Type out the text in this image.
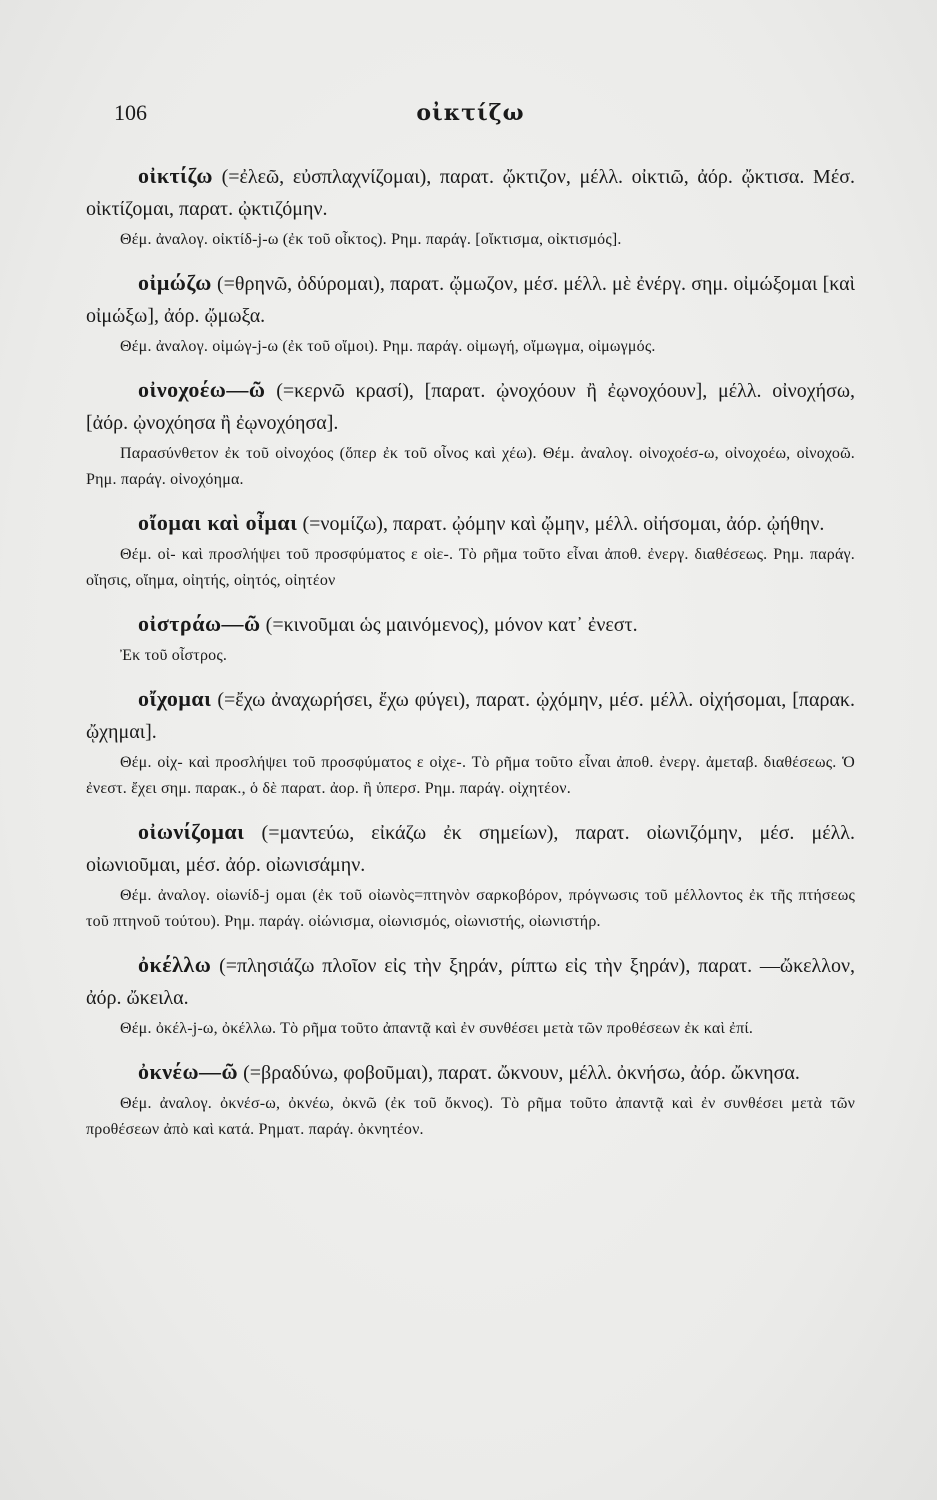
106	οἰκτίζω

οἰκτίζω (=ἐλεῶ, εὐσπλαχνίζομαι), παρατ. ᾤκτιζον, μέλλ. οἰκτιῶ, ἀόρ. ᾤκτισα. Μέσ. οἰκτίζομαι, παρατ. ᾠκτιζόμην.

Θέμ. ἀναλογ. οἰκτίδ-j-ω (ἐκ τοῦ οἶκτος). Ρημ. παράγ. [οἴκτισμα, οἰκτισμός].

οἰμώζω (=θρηνῶ, ὀδύρομαι), παρατ. ᾤμωζον, μέσ. μέλλ. μὲ ἐνέργ. σημ. οἰμώξομαι [καὶ οἰμώξω], ἀόρ. ᾤμωξα.

Θέμ. ἀναλογ. οἰμώγ-j-ω (ἐκ τοῦ οἴμοι). Ρημ. παράγ. οἰμωγή, οἴμωγμα, οἰμωγμός.

οἰνοχοέω—ῶ (=κερνῶ κρασί), [παρατ. ᾠνοχόουν ἢ ἐῳνοχόουν], μέλλ. οἰνοχήσω, [ἀόρ. ᾠνοχόησα ἢ ἐῳνοχόησα].

Παρασύνθετον ἐκ τοῦ οἰνοχόος (ὅπερ ἐκ τοῦ οἶνος καὶ χέω). Θέμ. ἀναλογ. οἰνοχοέσ-ω, οἰνοχοέω, οἰνοχοῶ. Ρημ. παράγ. οἰνοχόημα.

οἴομαι καὶ οἶμαι (=νομίζω), παρατ. ᾠόμην καὶ ᾤμην, μέλλ. οἰήσομαι, ἀόρ. ᾠήθην.

Θέμ. οἰ- καὶ προσλήψει τοῦ προσφύματος ε οἰε-. Τὸ ρῆμα τοῦτο εἶναι ἀποθ. ἐνεργ. διαθέσεως. Ρημ. παράγ. οἴησις, οἴημα, οἰητής, οἰητός, οἰητέον

οἰστράω—ῶ (=κινοῦμαι ὡς μαινόμενος), μόνον κατ᾿ ἐνεστ.

Ἐκ τοῦ οἶστρος.

οἴχομαι (=ἔχω ἀναχωρήσει, ἔχω φύγει), παρατ. ᾠχόμην, μέσ. μέλλ. οἰχήσομαι, [παρακ. ᾤχημαι].

Θέμ. οἰχ- καὶ προσλήψει τοῦ προσφύματος ε οἰχε-. Τὸ ρῆμα τοῦτο εἶναι ἀποθ. ἐνεργ. ἀμεταβ. διαθέσεως. Ὁ ἐνεστ. ἔχει σημ. παρακ., ὁ δὲ παρατ. ἀορ. ἢ ὑπερσ. Ρημ. παράγ. οἰχητέον.

οἰωνίζομαι (=μαντεύω, εἰκάζω ἐκ σημείων), παρατ. οἰωνιζόμην, μέσ. μέλλ. οἰωνιοῦμαι, μέσ. ἀόρ. οἰωνισάμην.

Θέμ. ἀναλογ. οἰωνίδ-j ομαι (ἐκ τοῦ οἰωνὸς=πτηνὸν σαρκοβόρον, πρόγνωσις τοῦ μέλλοντος ἐκ τῆς πτήσεως τοῦ πτηνοῦ τούτου). Ρημ. παράγ. οἰώνισμα, οἰωνισμός, οἰωνιστής, οἰωνιστήρ.

ὀκέλλω (=πλησιάζω πλοῖον εἰς τὴν ξηράν, ρίπτω εἰς τὴν ξηράν), παρατ. —ὤκελλον, ἀόρ. ὤκειλα.

Θέμ. ὀκέλ-j-ω, ὀκέλλω. Τὸ ρῆμα τοῦτο ἀπαντᾷ καὶ ἐν συνθέσει μετὰ τῶν προθέσεων ἐκ καὶ ἐπί.

ὀκνέω—ῶ (=βραδύνω, φοβοῦμαι), παρατ. ὤκνουν, μέλλ. ὀκνήσω, ἀόρ. ὤκνησα.

Θέμ. ἀναλογ. ὀκνέσ-ω, ὀκνέω, ὀκνῶ (ἐκ τοῦ ὄκνος). Τὸ ρῆμα τοῦτο ἀπαντᾷ καὶ ἐν συνθέσει μετὰ τῶν προθέσεων ἀπὸ καὶ κατά. Ρηματ. παράγ. ὀκνητέον.
